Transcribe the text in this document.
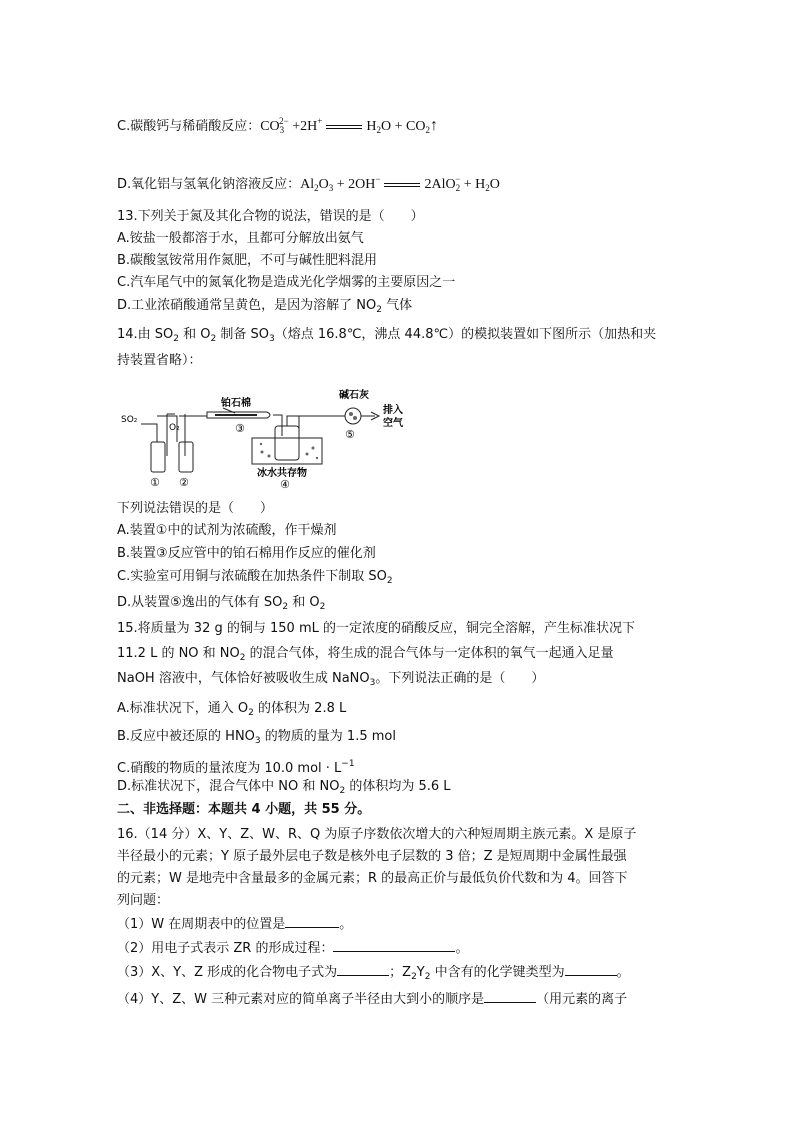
C.碳酸钙与稀硝酸反应：$CO_3^{2-} +2H^+$	$H_2O$ + $CO_2↑$
D.氧化铝与氢氧化钠溶液反应：$Al_2O_3 + 2OH^-$	$2AlO_2^- + H_2O$
13.下列关于氮及其化合物的说法，错误的是（　　）
A.铵盐一般都溶于水，且都可分解放出氨气
B.碳酸氢铵常用作氮肥，不可与碱性肥料混用
C.汽车尾气中的氮氧化物是造成光化学烟雾的主要原因之一
D.工业浓硝酸通常呈黄色，是因为溶解了 $NO_2$ 气体
14.由 $SO_2$ 和 $O_2$ 制备 $SO_3$（熔点 16.8℃，沸点 44.8℃）的模拟装置如下图所示（加热和夹
持装置省略）：
SO₂
O₂
铂石棉
碱石灰
排入
空气
冰水共存物
① ②
③
④
⑤
下列说法错误的是（　　）
A.装置①中的试剂为浓硫酸，作干燥剂
B.装置③反应管中的铂石棉用作反应的催化剂
C.实验室可用铜与浓硫酸在加热条件下制取 $SO_2$
D.从装置⑤逸出的气体有 $SO_2$ 和 $O_2$
15.将质量为 32 g 的铜与 150 mL 的一定浓度的硝酸反应，铜完全溶解，产生标准状况下
11.2 L 的 NO 和 $NO_2$ 的混合气体，将生成的混合气体与一定体积的氧气一起通入足量
NaOH 溶液中，气体恰好被吸收生成 NaNO$_3$。下列说法正确的是（　　）
A.标准状况下，通入 $O_2$ 的体积为 2.8 L
B.反应中被还原的 $HNO_3$ 的物质的量为 1.5 mol
C.硝酸的物质的量浓度为 10.0 mol · $L^{-1}$
D.标准状况下，混合气体中 NO 和 $NO_2$ 的体积均为 5.6 L
二、非选择题：本题共 4 小题，共 55 分。
16.（14 分）X、Y、Z、W、R、Q 为原子序数依次增大的六种短周期主族元素。X 是原子
半径最小的元素；Y 原子最外层电子数是核外电子层数的 3 倍；Z 是短周期中金属性最强
的元素；W 是地壳中含量最多的金属元素；R 的最高正价与最低负价代数和为 4。回答下
列问题：
（1）W 在周期表中的位置是	。
（2）用电子式表示 ZR 的形成过程：	。
（3）X、Y、Z 形成的化合物电子式为	；$Z_2Y_2$ 中含有的化学键类型为	。
（4）Y、Z、W 三种元素对应的简单离子半径由大到小的顺序是	（用元素的离子
